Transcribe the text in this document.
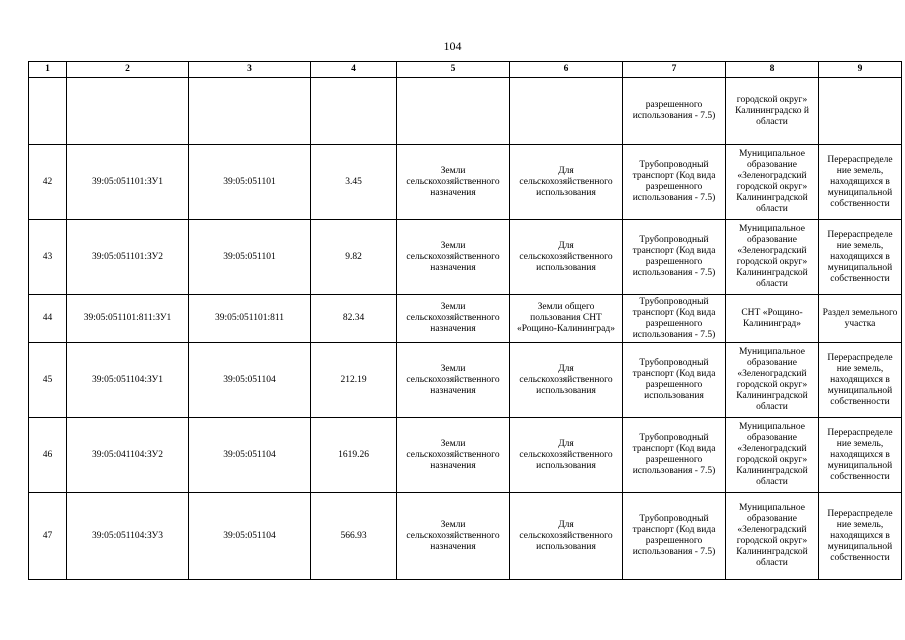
104
1	2	3	4	5	6	7	8	9
						разрешенного использования - 7.5)	городской округ» Калининградско й области	
42	39:05:051101:ЗУ1	39:05:051101	3.45	Земли сельскохозяйственного назначения	Для сельскохозяйственного использования	Трубопроводный транспорт (Код вида разрешенного использования - 7.5)	Муниципальное образование «Зеленоградский городской округ» Калининградской области	Перераспределе ние земель, находящихся в муниципальной собственности
43	39:05:051101:ЗУ2	39:05:051101	9.82	Земли сельскохозяйственного назначения	Для сельскохозяйственного использования	Трубопроводный транспорт (Код вида разрешенного использования - 7.5)	Муниципальное образование «Зеленоградский городской округ» Калининградской области	Перераспределе ние земель, находящихся в муниципальной собственности
44	39:05:051101:811:ЗУ1	39:05:051101:811	82.34	Земли сельскохозяйственного назначения	Земли общего пользования СНТ «Рощино-Калининград»	Трубопроводный транспорт (Код вида разрешенного использования - 7.5)	СНТ «Рощино-Калининград»	Раздел земельного участка
45	39:05:051104:ЗУ1	39:05:051104	212.19	Земли сельскохозяйственного назначения	Для сельскохозяйственного использования	Трубопроводный транспорт (Код вида разрешенного использования	Муниципальное образование «Зеленоградский городской округ» Калининградской области	Перераспределе ние земель, находящихся в муниципальной собственности
46	39:05:041104:ЗУ2	39:05:051104	1619.26	Земли сельскохозяйственного назначения	Для сельскохозяйственного использования	Трубопроводный транспорт (Код вида разрешенного использования - 7.5)	Муниципальное образование «Зеленоградский городской округ» Калининградской области	Перераспределе ние земель, находящихся в муниципальной собственности
47	39:05:051104:ЗУ3	39:05:051104	566.93	Земли сельскохозяйственного назначения	Для сельскохозяйственного использования	Трубопроводный транспорт (Код вида разрешенного использования - 7.5)	Муниципальное образование «Зеленоградский городской округ» Калининградской области	Перераспределе ние земель, находящихся в муниципальной собственности
